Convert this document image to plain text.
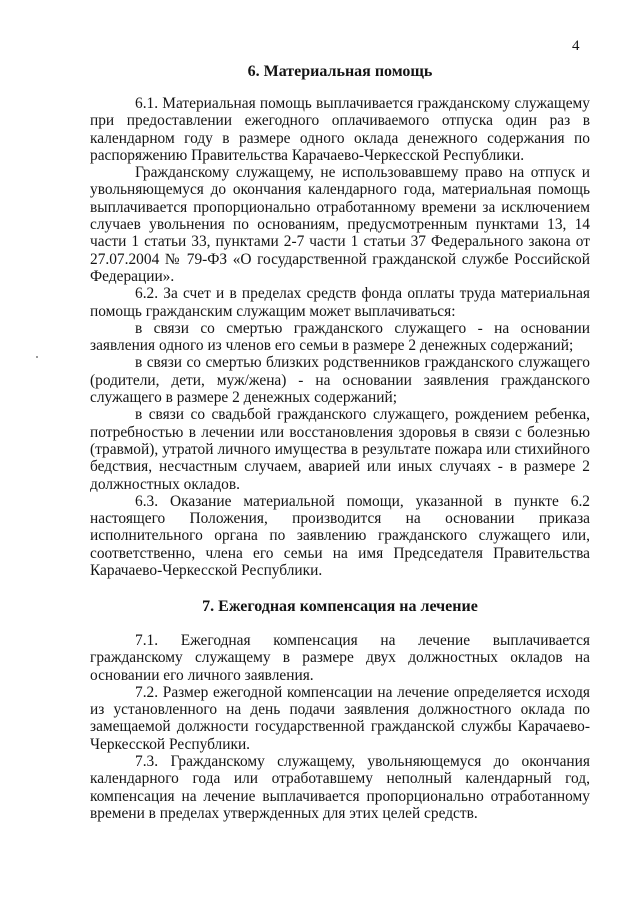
4
6. Материальная помощь

6.1. Материальная помощь выплачивается гражданскому служащему при предоставлении ежегодного оплачиваемого отпуска один раз в календарном году в размере одного оклада денежного содержания по распоряжению Правительства Карачаево-Черкесской Республики.

Гражданскому служащему, не использовавшему право на отпуск и увольняющемуся до окончания календарного года, материальная помощь выплачивается пропорционально отработанному времени за исключением случаев увольнения по основаниям, предусмотренным пунктами 13, 14 части 1 статьи 33, пунктами 2-7 части 1 статьи 37 Федерального закона от 27.07.2004 № 79-ФЗ «О государственной гражданской службе Российской Федерации».

6.2. За счет и в пределах средств фонда оплаты труда материальная помощь гражданским служащим может выплачиваться:

в связи со смертью гражданского служащего - на основании заявления одного из членов его семьи в размере 2 денежных содержаний;

в связи со смертью близких родственников гражданского служащего (родители, дети, муж/жена) - на основании заявления гражданского служащего в размере 2 денежных содержаний;

в связи со свадьбой гражданского служащего, рождением ребенка, потребностью в лечении или восстановления здоровья в связи с болезнью (травмой), утратой личного имущества в результате пожара или стихийного бедствия, несчастным случаем, аварией или иных случаях - в размере 2 должностных окладов.

6.3. Оказание материальной помощи, указанной в пункте 6.2 настоящего Положения, производится на основании приказа исполнительного органа по заявлению гражданского служащего или, соответственно, члена его семьи на имя Председателя Правительства Карачаево-Черкесской Республики.

7. Ежегодная компенсация на лечение

7.1. Ежегодная компенсация на лечение выплачивается гражданскому служащему в размере двух должностных окладов на основании его личного заявления.

7.2. Размер ежегодной компенсации на лечение определяется исходя из установленного на день подачи заявления должностного оклада по замещаемой должности государственной гражданской службы Карачаево-Черкесской Республики.

7.3. Гражданскому служащему, увольняющемуся до окончания календарного года или отработавшему неполный календарный год, компенсация на лечение выплачивается пропорционально отработанному времени в пределах утвержденных для этих целей средств.
